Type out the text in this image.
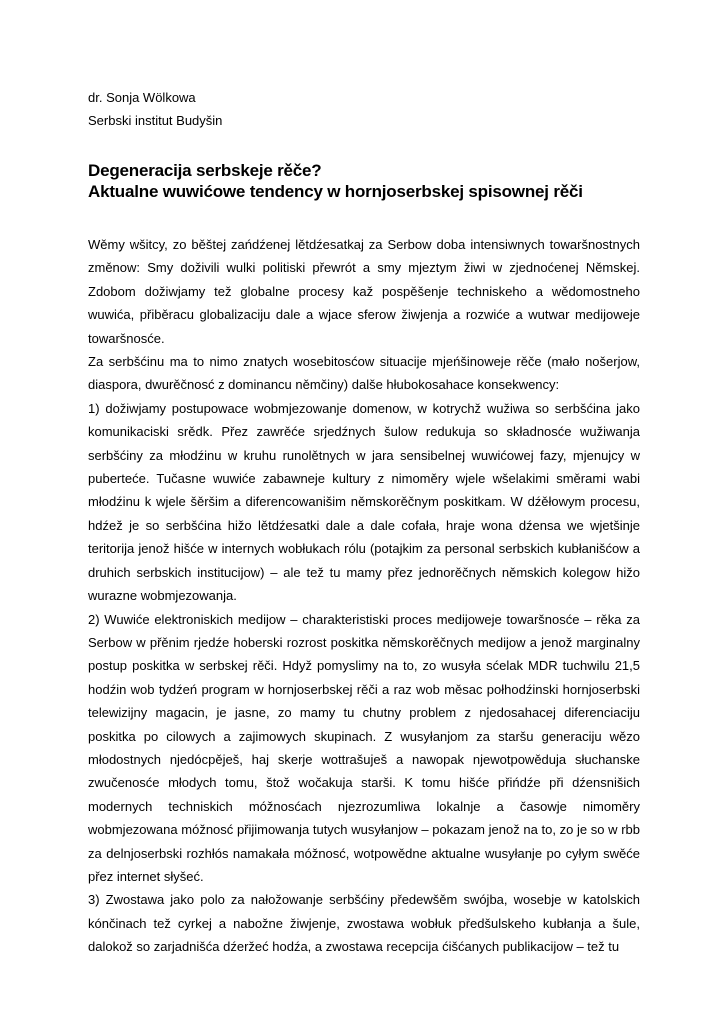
dr. Sonja Wölkowa

Serbski institut Budyšin

Degeneracija serbskeje rěče?

Aktualne wuwićowe tendency w hornjoserbskej spisownej rěči

Wěmy wšitcy, zo běštej zańdźenej lětdźesatkaj za Serbow doba intensiwnych towaršnostnych změnow: Smy doživili wulki politiski přewrót a smy mjeztym žiwi w zjednoćenej Němskej. Zdobom dožiwjamy tež globalne procesy kaž pospěšenje techniskeho a wědomostneho wuwića, přiběracu globalizaciju dale a wjace sferow žiwjenja a rozwiće a wutwar medijoweje towaršnosće.

Za serbšćinu ma to nimo znatych wosebitosćow situacije mjeńšinoweje rěče (mało nošerjow, diaspora, dwurěčnosć z dominancu němčiny) dalše hłubokosahace konsekwency:

1) dožiwjamy postupowace wobmjezowanje domenow, w kotrychž wužiwa so serbšćina jako komunikaciski srědk. Přez zawrěće srjedźnych šulow redukuja so składnosće wužiwanja serbšćiny za młodźinu w kruhu runolětnych w jara sensibelnej wuwićowej fazy, mjenujcy w puberteće. Tučasne wuwiće zabawneje kultury z nimoměry wjele wšelakimi směrami wabi młodźinu k wjele šěršim a diferencowanišim němskorěčnym poskitkam. W dźěłowym procesu, hdźež je so serbšćina hižo lětdźesatki dale a dale cofała, hraje wona dźensa we wjetšinje teritorija jenož hišće w internych wobłukach rólu (potajkim za personal serbskich kubłanišćow a druhich serbskich institucijow) – ale tež tu mamy přez jednorěčnych němskich kolegow hižo wurazne wobmjezowanja.

2) Wuwiće elektroniskich medijow – charakteristiski proces medijoweje towaršnosće – rěka za Serbow w přěnim rjedźe hoberski rozrost poskitka němskorěčnych medijow a jenož marginalny postup poskitka w serbskej rěči. Hdyž pomyslimy na to, zo wusyła sćelak MDR tuchwilu 21,5 hodźin wob tydźeń program w hornjoserbskej rěči a raz wob měsac połhodźinski hornjoserbski telewizijny magacin, je jasne, zo mamy tu chutny problem z njedosahacej diferenciaciju poskitka po cilowych a zajimowych skupinach. Z wusyłanjom za staršu generaciju wězo młodostnych njedócpěješ, haj skerje wottrašuješ a nawopak njewotpowěduja słuchanske zwučenosće młodych tomu, štož wočakuja starši. K tomu hišće přińdźe při dźensnišich modernych techniskich móžnosćach njezrozumliwa lokalnje a časowje nimoměry wobmjezowana móžnosć přijimowanja tutych wusyłanjow – pokazam jenož na to, zo je so w rbb za delnjoserbski rozhłós namakała móžnosć, wotpowědne aktualne wusyłanje po cyłym swěće přez internet słyšeć.

3) Zwostawa jako polo za nałožowanje serbšćiny předewšěm swójba, wosebje w katolskich kónčinach tež cyrkej a nabožne žiwjenje, zwostawa wobłuk předšulskeho kubłanja a šule, dalokož so zarjadnišća dźeržeć hodźa, a zwostawa recepcija ćišćanych publikacijow – tež tu
